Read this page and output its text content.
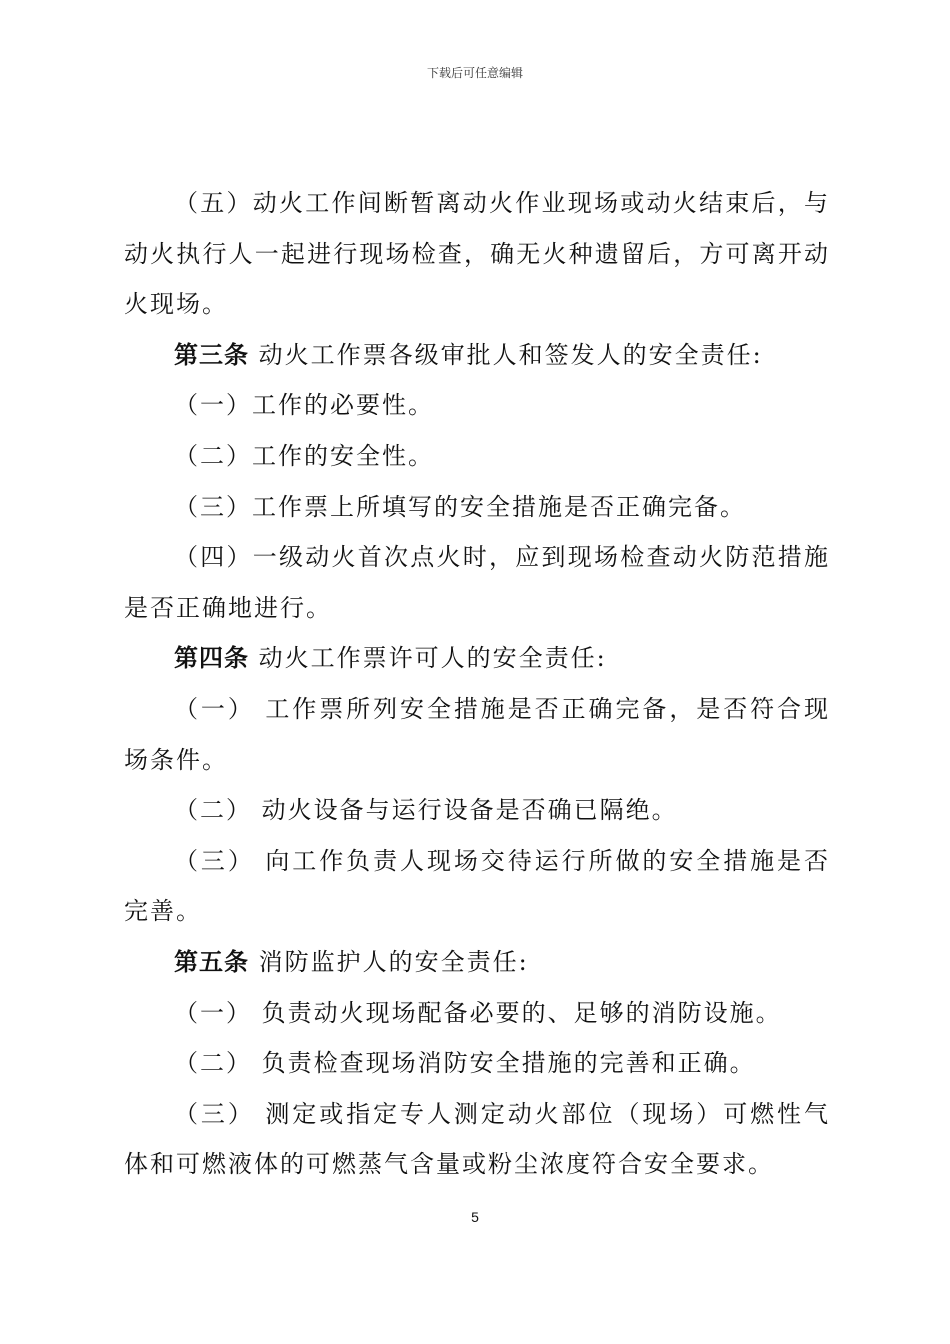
下载后可任意编辑

（五）动火工作间断暂离动火作业现场或动火结束后，与动火执行人一起进行现场检查，确无火种遗留后，方可离开动火现场。

第三条 动火工作票各级审批人和签发人的安全责任:

（一）工作的必要性。

（二）工作的安全性。

（三）工作票上所填写的安全措施是否正确完备。

（四）一级动火首次点火时，应到现场检查动火防范措施是否正确地进行。

第四条 动火工作票许可人的安全责任:

（一） 工作票所列安全措施是否正确完备，是否符合现场条件。

（二） 动火设备与运行设备是否确已隔绝。

（三） 向工作负责人现场交待运行所做的安全措施是否完善。

第五条 消防监护人的安全责任:

（一） 负责动火现场配备必要的、足够的消防设施。

（二） 负责检查现场消防安全措施的完善和正确。

（三） 测定或指定专人测定动火部位（现场）可燃性气体和可燃液体的可燃蒸气含量或粉尘浓度符合安全要求。

5
